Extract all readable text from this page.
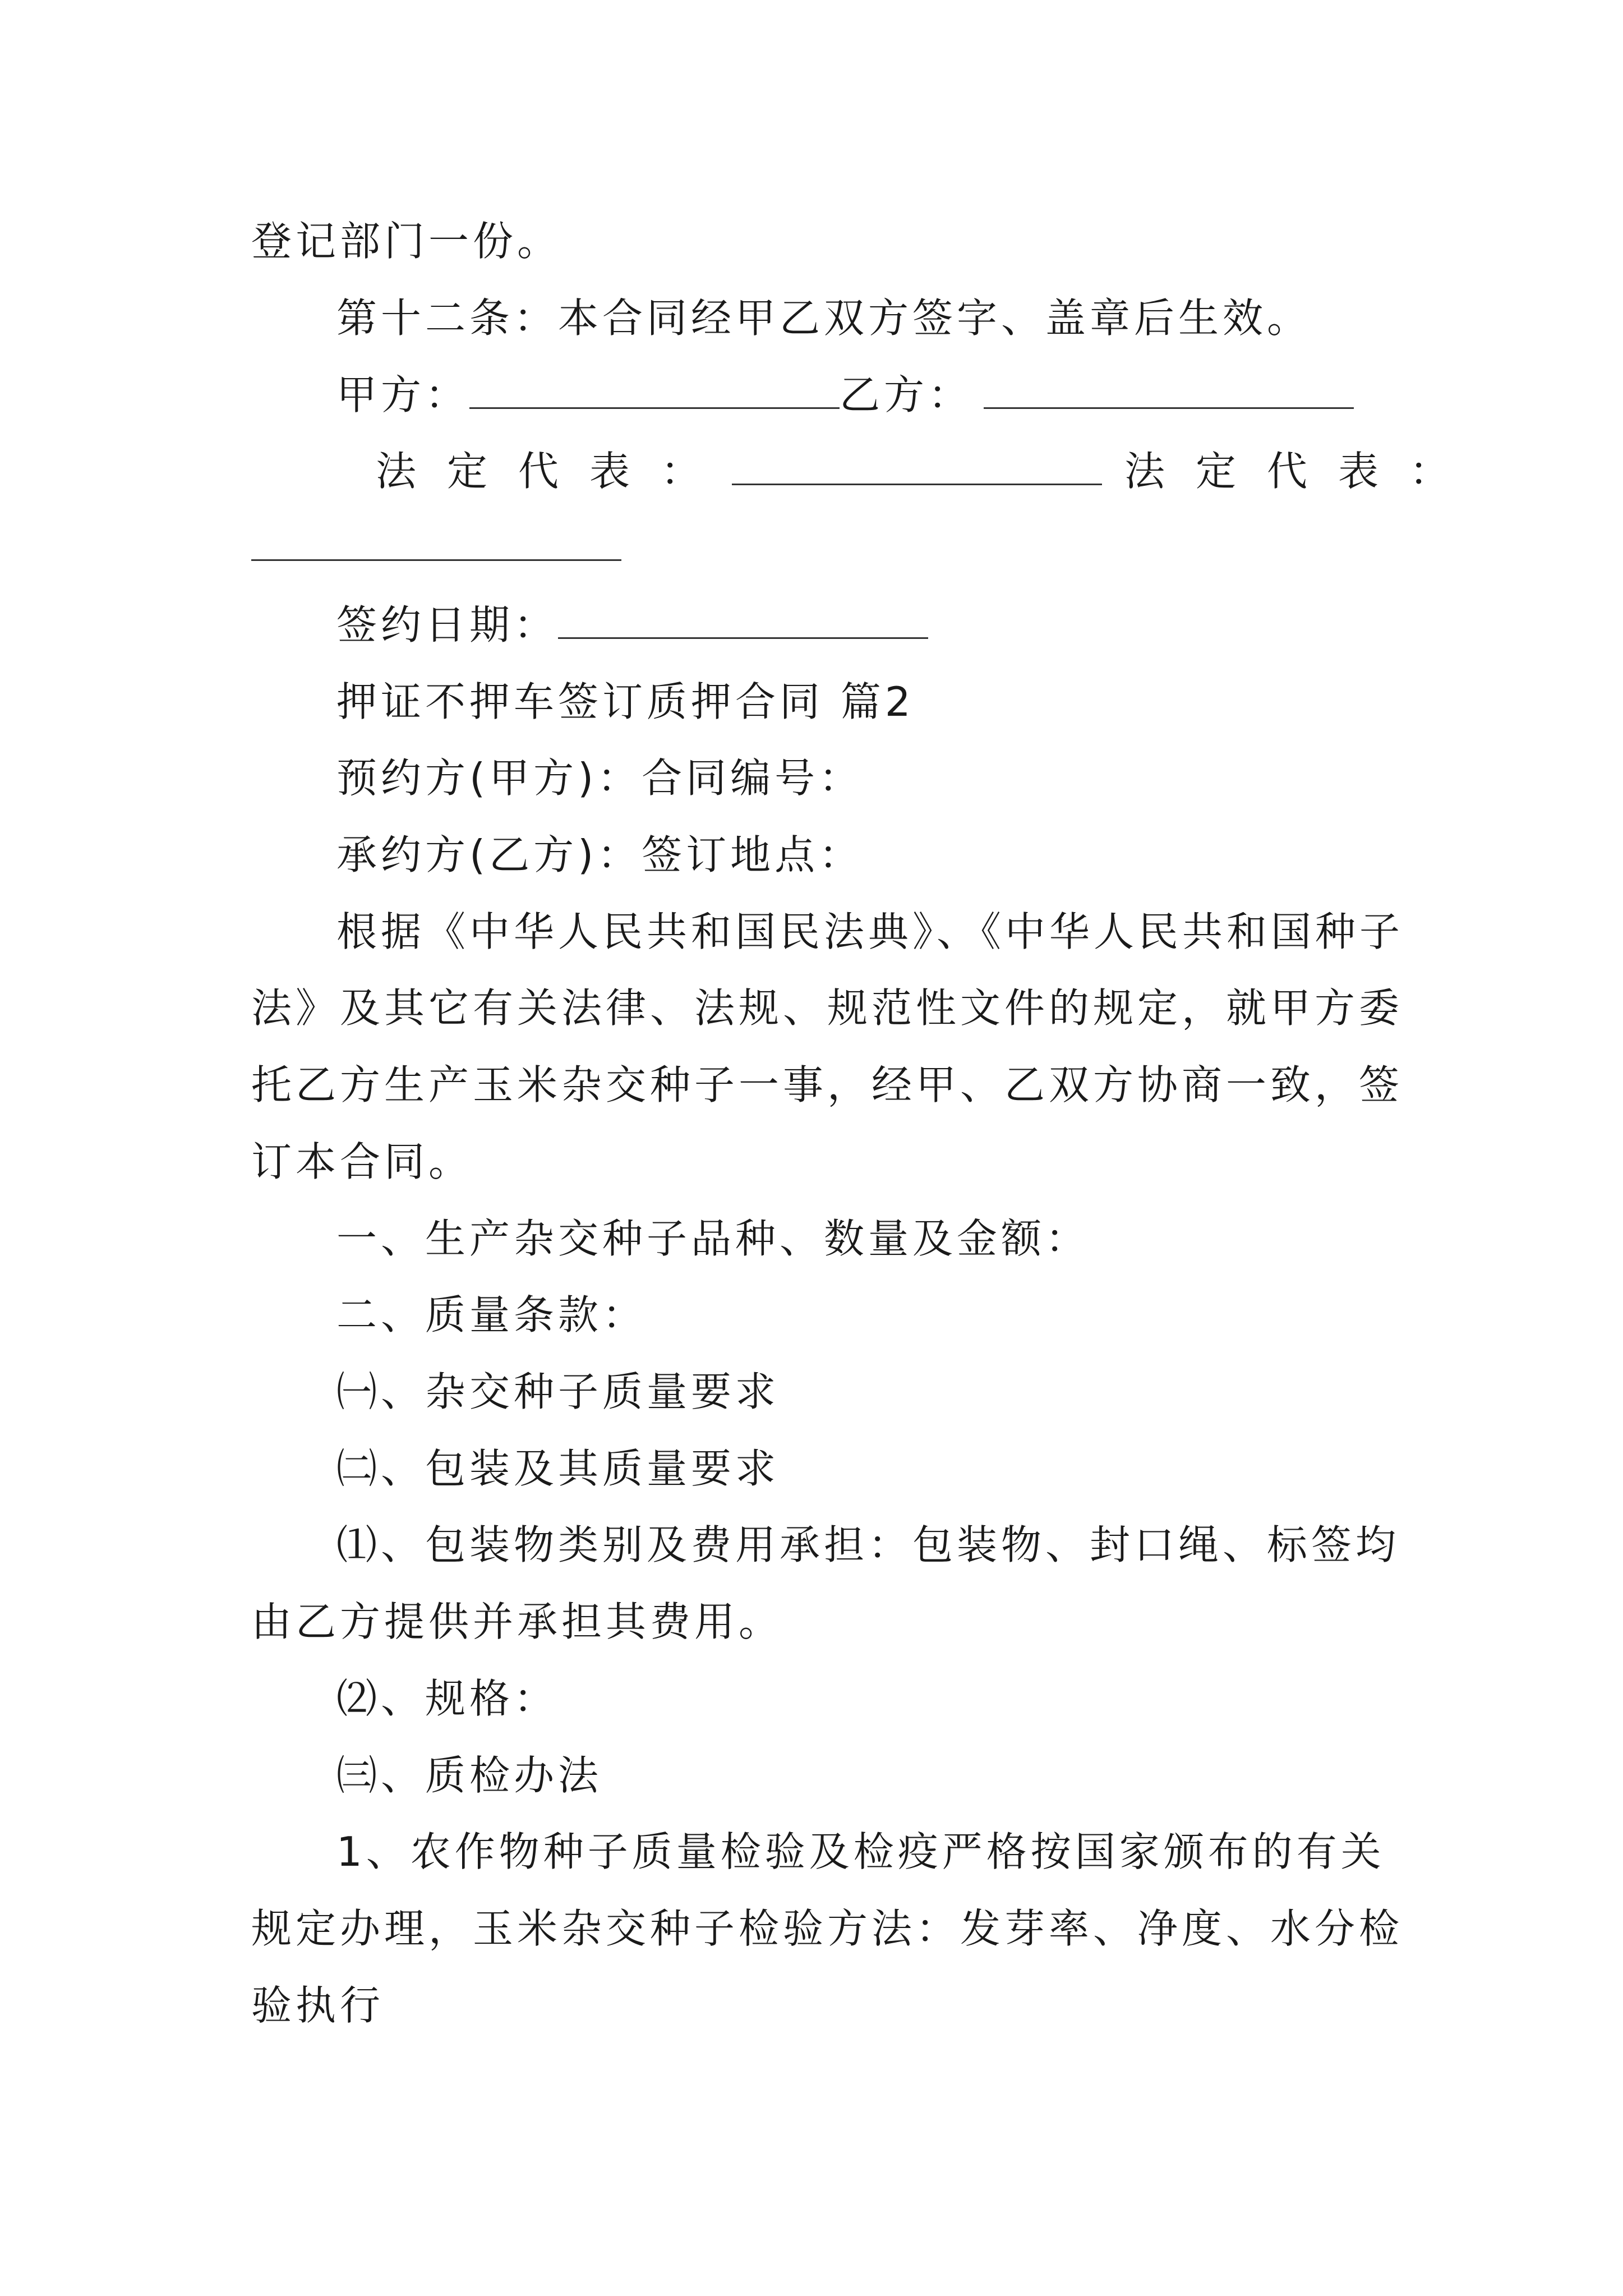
登记部门一份。
第十二条：本合同经甲乙双方签字、盖章后生效。
甲方：	乙方：
法定代表：	法定代表：
签约日期：
押证不押车签订质押合同 篇2
预约方(甲方)：合同编号：
承约方(乙方)：签订地点：
根据《中华人民共和国民法典》、《中华人民共和国种子
法》及其它有关法律、法规、规范性文件的规定，就甲方委
托乙方生产玉米杂交种子一事，经甲、乙双方协商一致，签
订本合同。
一、生产杂交种子品种、数量及金额：
二、质量条款：
㈠、杂交种子质量要求
㈡、包装及其质量要求
⑴、包装物类别及费用承担：包装物、封口绳、标签均
由乙方提供并承担其费用。
⑵、规格：
㈢、质检办法
1、农作物种子质量检验及检疫严格按国家颁布的有关
规定办理，玉米杂交种子检验方法：发芽率、净度、水分检
验执行
